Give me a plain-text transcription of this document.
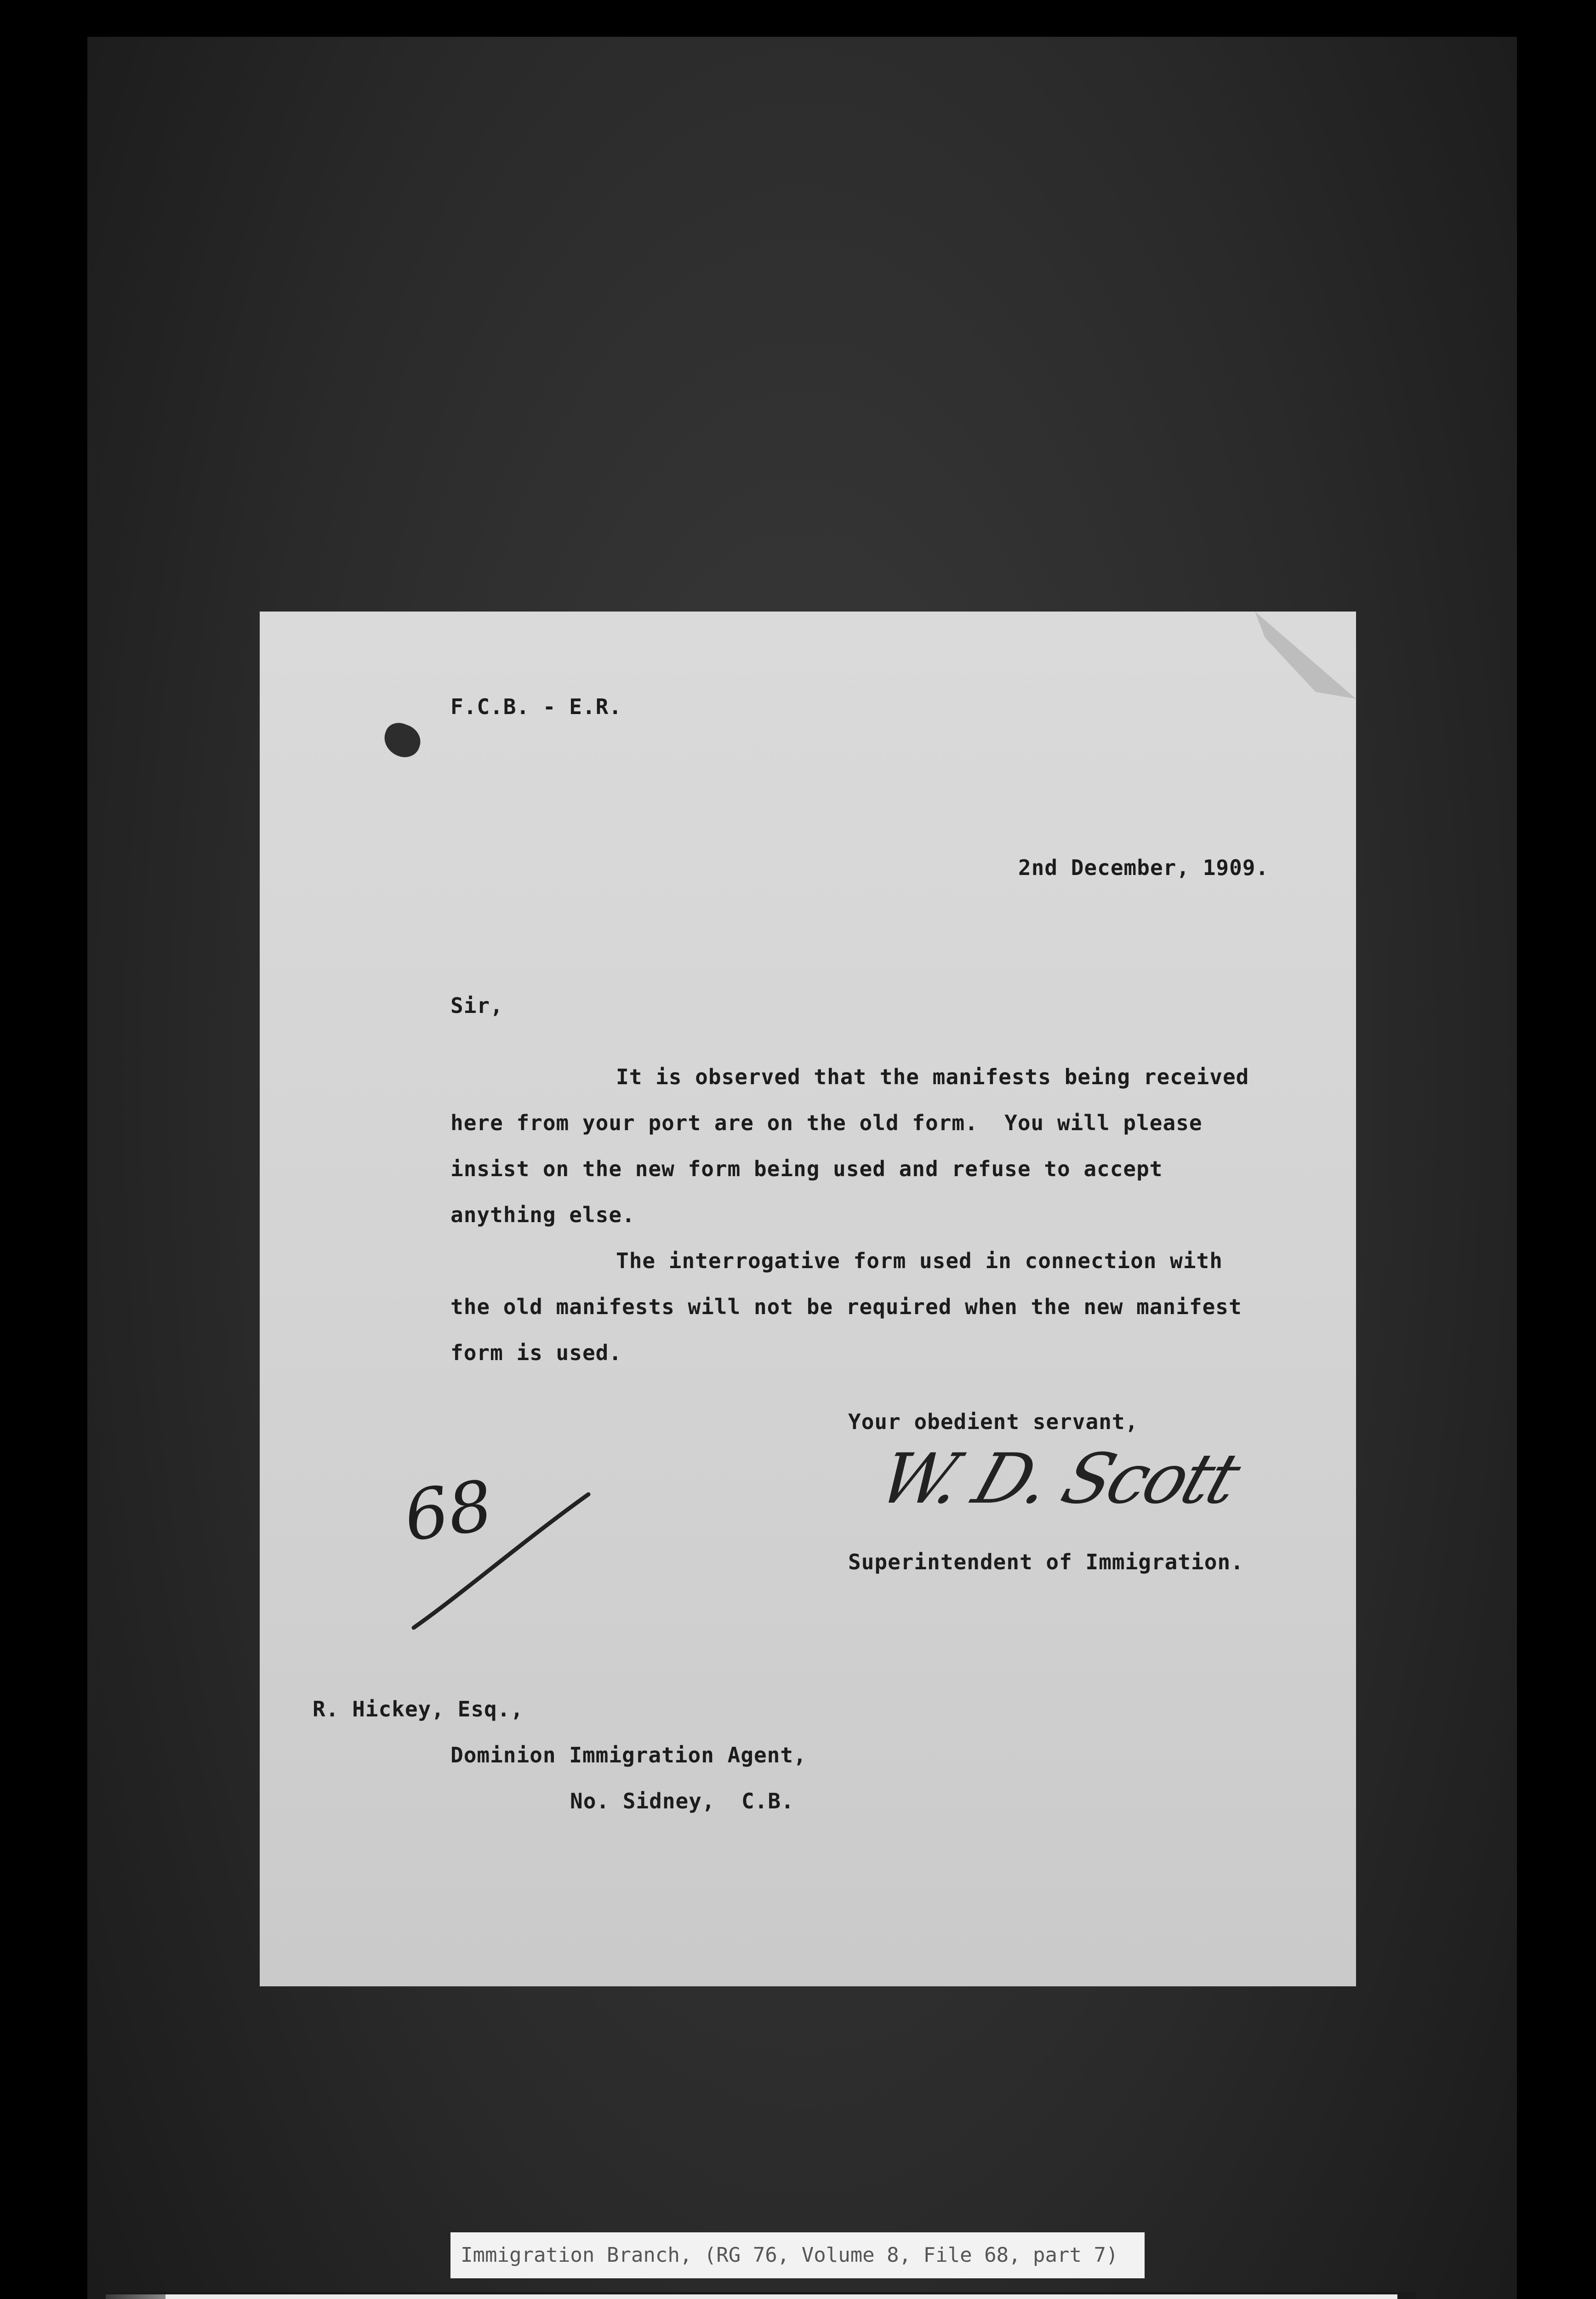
F.C.B. - E.R.
2nd December, 1909.
Sir,
It is observed that the manifests being received
here from your port are on the old form.  You will please
insist on the new form being used and refuse to accept
anything else.
The interrogative form used in connection with
the old manifests will not be required when the new manifest
form is used.
Your obedient servant,
W. D. Scott
Superintendent of Immigration.
68
R. Hickey, Esq.,
Dominion Immigration Agent,
No. Sidney,  C.B.
Immigration Branch, (RG 76, Volume 8, File 68, part 7)
